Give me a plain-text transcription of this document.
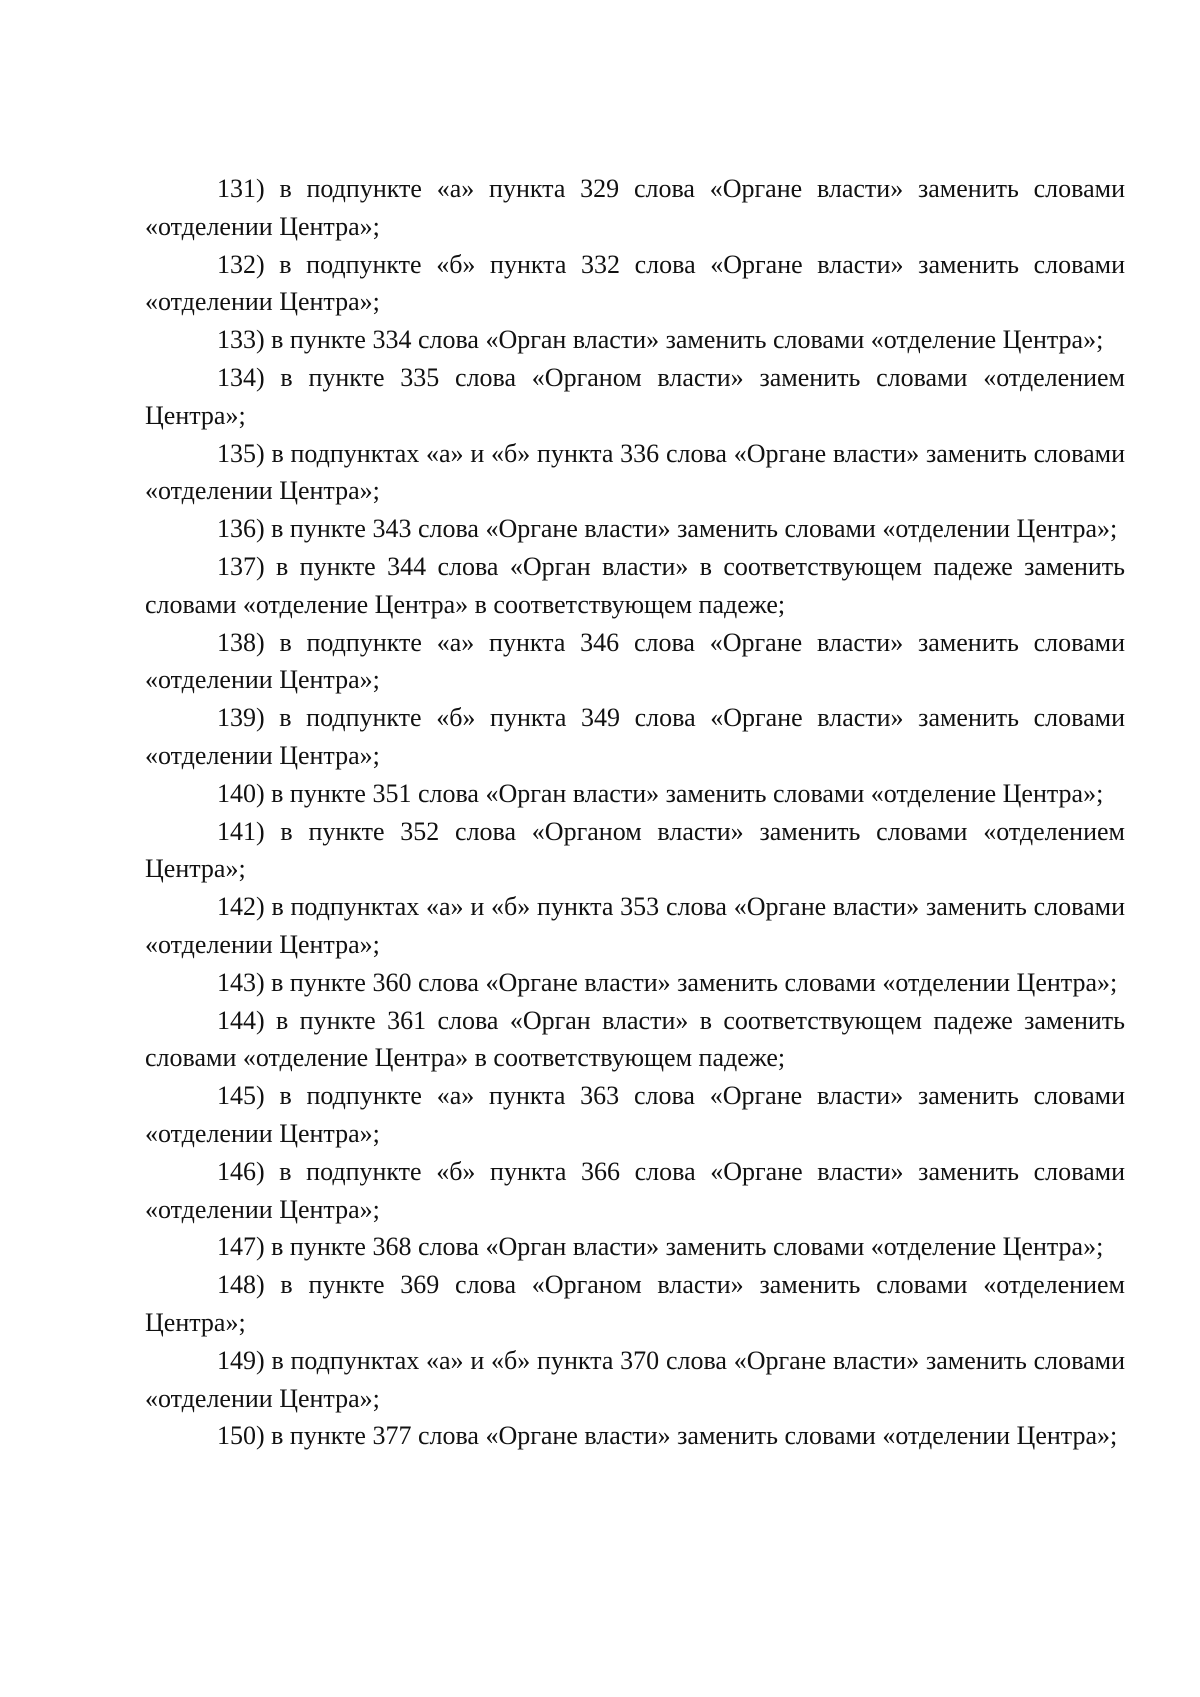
131) в подпункте «а» пункта 329 слова «Органе власти» заменить словами «отделении Центра»;

132) в подпункте «б» пункта 332 слова «Органе власти» заменить словами «отделении Центра»;

133) в пункте 334 слова «Орган власти» заменить словами «отделение Центра»;

134) в пункте 335 слова «Органом власти» заменить словами «отделением Центра»;

135) в подпунктах «а» и «б» пункта 336 слова «Органе власти» заменить словами «отделении Центра»;

136) в пункте 343 слова «Органе власти» заменить словами «отделении Центра»;

137) в пункте 344 слова «Орган власти» в соответствующем падеже заменить словами «отделение Центра» в соответствующем падеже;

138) в подпункте «а» пункта 346 слова «Органе власти» заменить словами «отделении Центра»;

139) в подпункте «б» пункта 349 слова «Органе власти» заменить словами «отделении Центра»;

140) в пункте 351 слова «Орган власти» заменить словами «отделение Центра»;

141) в пункте 352 слова «Органом власти» заменить словами «отделением Центра»;

142) в подпунктах «а» и «б» пункта 353 слова «Органе власти» заменить словами «отделении Центра»;

143) в пункте 360 слова «Органе власти» заменить словами «отделении Центра»;

144) в пункте 361 слова «Орган власти» в соответствующем падеже заменить словами «отделение Центра» в соответствующем падеже;

145) в подпункте «а» пункта 363 слова «Органе власти» заменить словами «отделении Центра»;

146) в подпункте «б» пункта 366 слова «Органе власти» заменить словами «отделении Центра»;

147) в пункте 368 слова «Орган власти» заменить словами «отделение Центра»;

148) в пункте 369 слова «Органом власти» заменить словами «отделением Центра»;

149) в подпунктах «а» и «б» пункта 370 слова «Органе власти» заменить словами «отделении Центра»;

150) в пункте 377 слова «Органе власти» заменить словами «отделении Центра»;
